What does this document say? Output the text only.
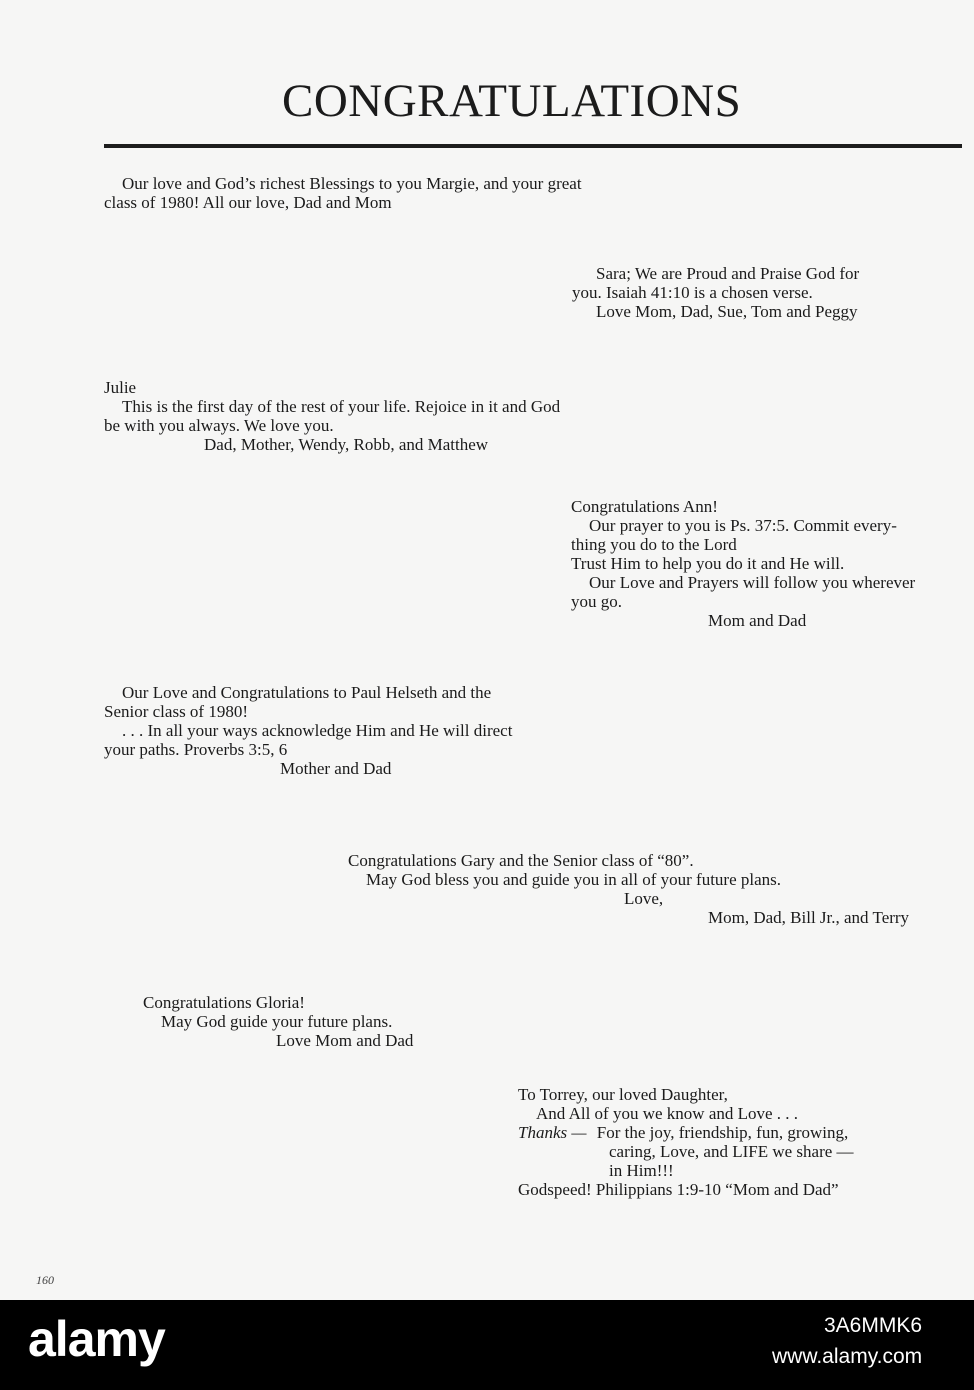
CONGRATULATIONS
Our love and God’s richest Blessings to you Margie, and your great
class of 1980! All our love, Dad and Mom
Sara; We are Proud and Praise God for
you. Isaiah 41:10 is a chosen verse.
Love Mom, Dad, Sue, Tom and Peggy
Julie
This is the first day of the rest of your life. Rejoice in it and God
be with you always. We love you.
Dad, Mother, Wendy, Robb, and Matthew
Congratulations Ann!
Our prayer to you is Ps. 37:5. Commit every-
thing you do to the Lord
Trust Him to help you do it and He will.
Our Love and Prayers will follow you wherever
you go.
Mom and Dad
Our Love and Congratulations to Paul Helseth and the
Senior class of 1980!
. . . In all your ways acknowledge Him and He will direct
your paths. Proverbs 3:5, 6
Mother and Dad
Congratulations Gary and the Senior class of “80”.
May God bless you and guide you in all of your future plans.
Love,
Mom, Dad, Bill Jr., and Terry
Congratulations Gloria!
May God guide your future plans.
Love Mom and Dad
To Torrey, our loved Daughter,
And All of you we know and Love . . .
Thanks — For the joy, friendship, fun, growing,
caring, Love, and LIFE we share —
in Him!!!
Godspeed! Philippians 1:9-10 “Mom and Dad”
160
alamy	3A6MMK6
www.alamy.com
